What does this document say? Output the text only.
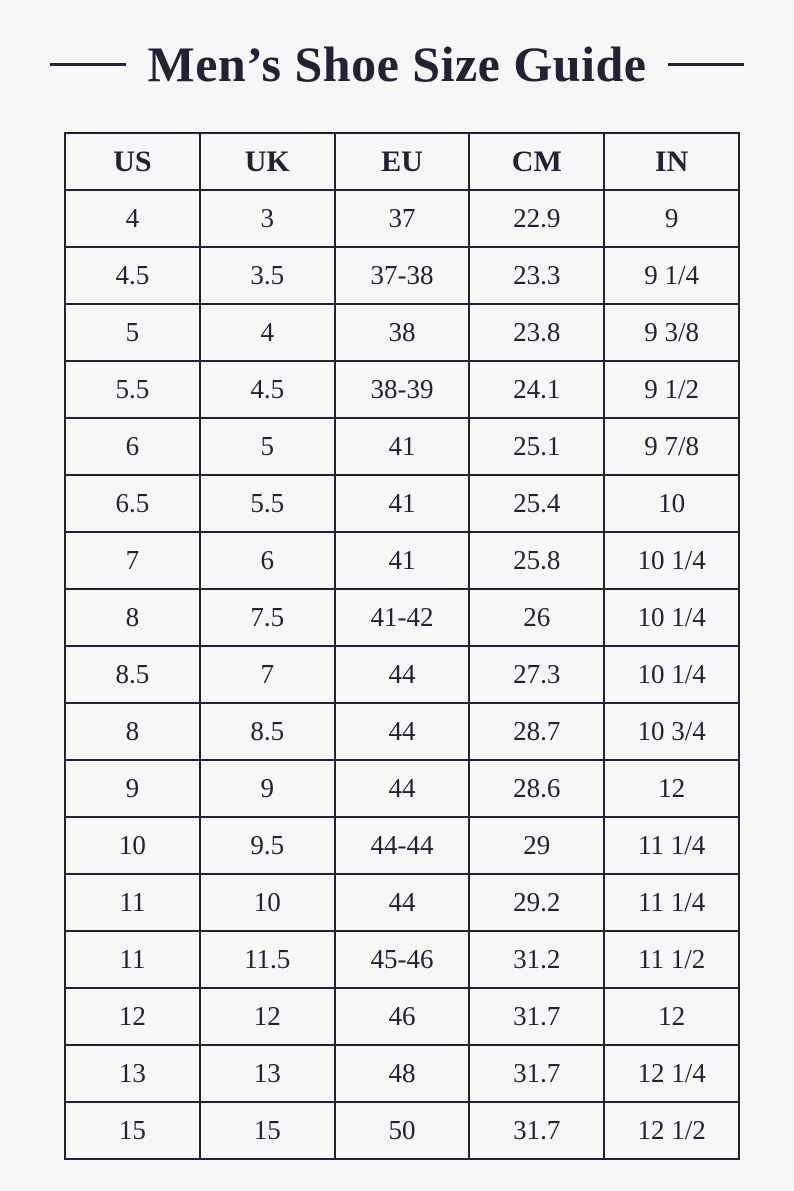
Men’s Shoe Size Guide
US	UK	EU	CM	IN
4	3	37	22.9	9
4.5	3.5	37-38	23.3	9 1/4
5	4	38	23.8	9 3/8
5.5	4.5	38-39	24.1	9 1/2
6	5	41	25.1	9 7/8
6.5	5.5	41	25.4	10
7	6	41	25.8	10 1/4
8	7.5	41-42	26	10 1/4
8.5	7	44	27.3	10 1/4
8	8.5	44	28.7	10 3/4
9	9	44	28.6	12
10	9.5	44-44	29	11 1/4
11	10	44	29.2	11 1/4
11	11.5	45-46	31.2	11 1/2
12	12	46	31.7	12
13	13	48	31.7	12 1/4
15	15	50	31.7	12 1/2
